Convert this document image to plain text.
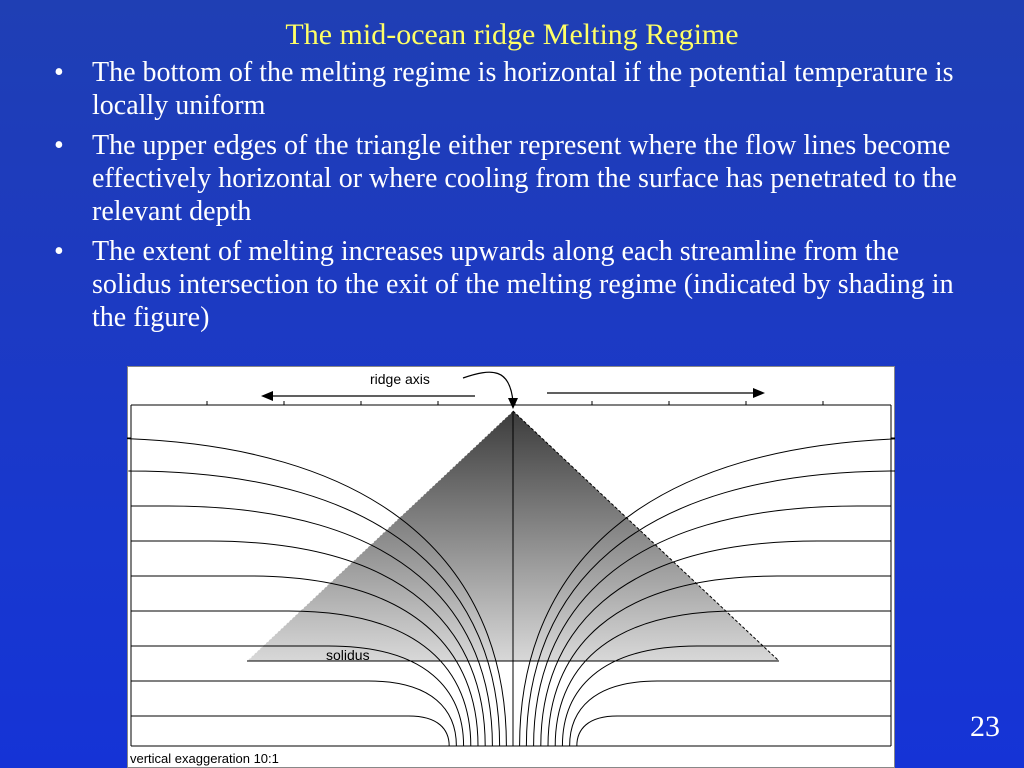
The mid-ocean ridge Melting Regime
• The bottom of the melting regime is horizontal if the potential temperature is locally uniform
• The upper edges of the triangle either represent where the flow lines become effectively horizontal or where cooling from the surface has penetrated to the relevant depth
• The extent of melting increases upwards along each streamline from the solidus intersection to the exit of the melting regime (indicated by shading in the figure)
ridge axis
solidus
vertical exaggeration 10:1
23
